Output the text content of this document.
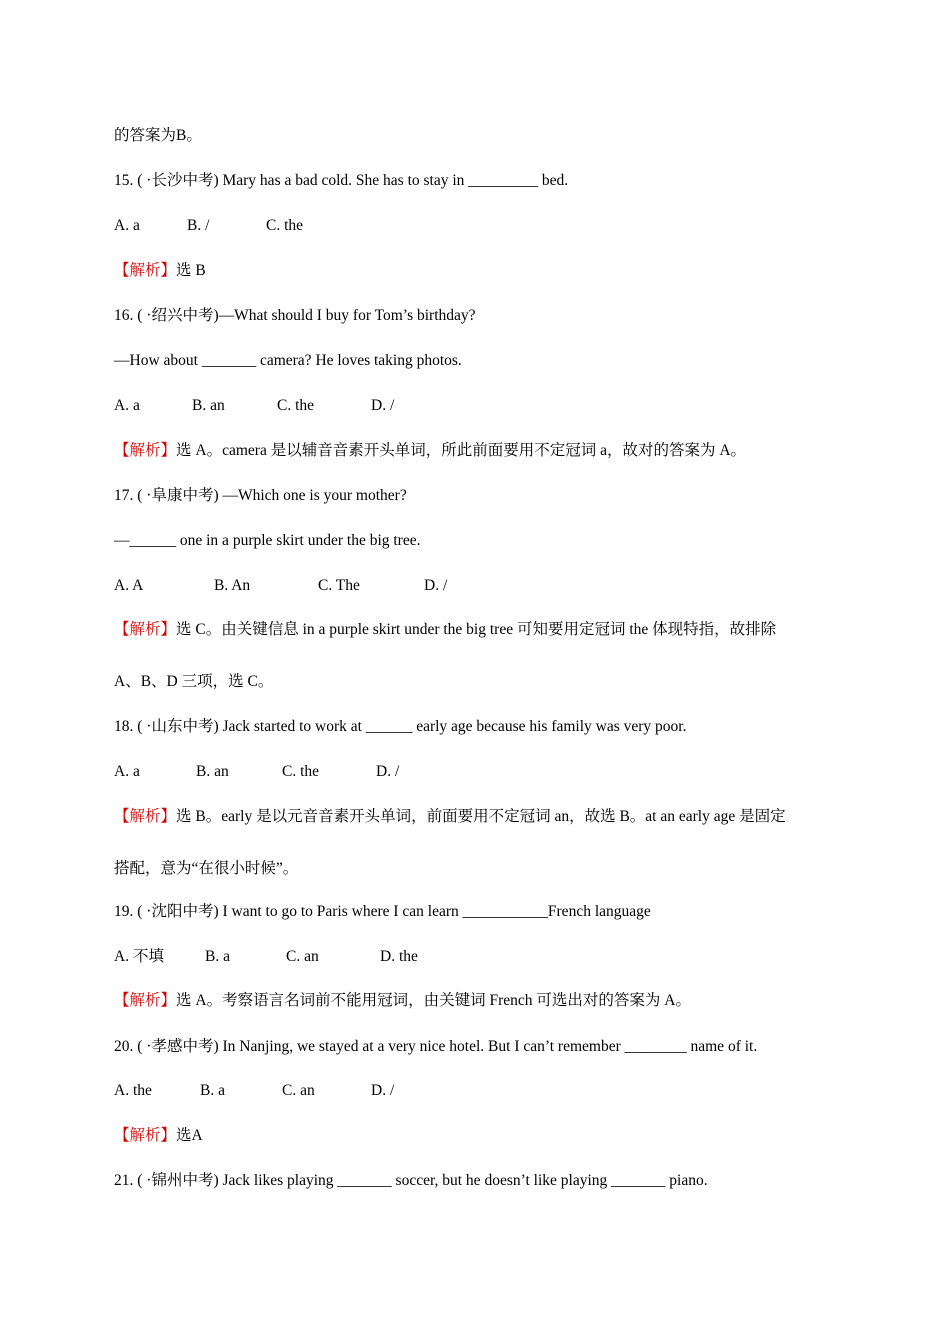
的答案为B。
15. ( ·长沙中考) Mary has a bad cold. She has to stay in _________ bed.
A. a	B. /	C. the
【解析】选 B
16. ( ·绍兴中考)—What should I buy for Tom’s birthday?
—How about _______ camera? He loves taking photos.
A. a	B. an	C. the	D. /
【解析】选 A。camera 是以辅音音素开头单词，所此前面要用不定冠词 a，故对的答案为 A。
17. ( ·阜康中考) —Which one is your mother?
—______ one in a purple skirt under the big tree.
A. A	B. An	C. The	D. /
【解析】选 C。由关键信息 in a purple skirt under the big tree 可知要用定冠词 the 体现特指，故排除
A、B、D 三项，选 C。
18. ( ·山东中考) Jack started to work at ______ early age because his family was very poor.
A. a	B. an	C. the	D. /
【解析】选 B。early 是以元音音素开头单词，前面要用不定冠词 an，故选 B。at an early age 是固定
搭配，意为“在很小时候”。
19. ( ·沈阳中考) I want to go to Paris where I can learn ___________French language
A. 不填	B. a	C. an	D. the
【解析】选 A。考察语言名词前不能用冠词，由关键词 French 可选出对的答案为 A。
20. ( ·孝感中考) In Nanjing, we stayed at a very nice hotel. But I can’t remember ________ name of it.
A. the	B. a	C. an	D. /
【解析】选A
21. ( ·锦州中考) Jack likes playing _______ soccer, but he doesn’t like playing _______ piano.
